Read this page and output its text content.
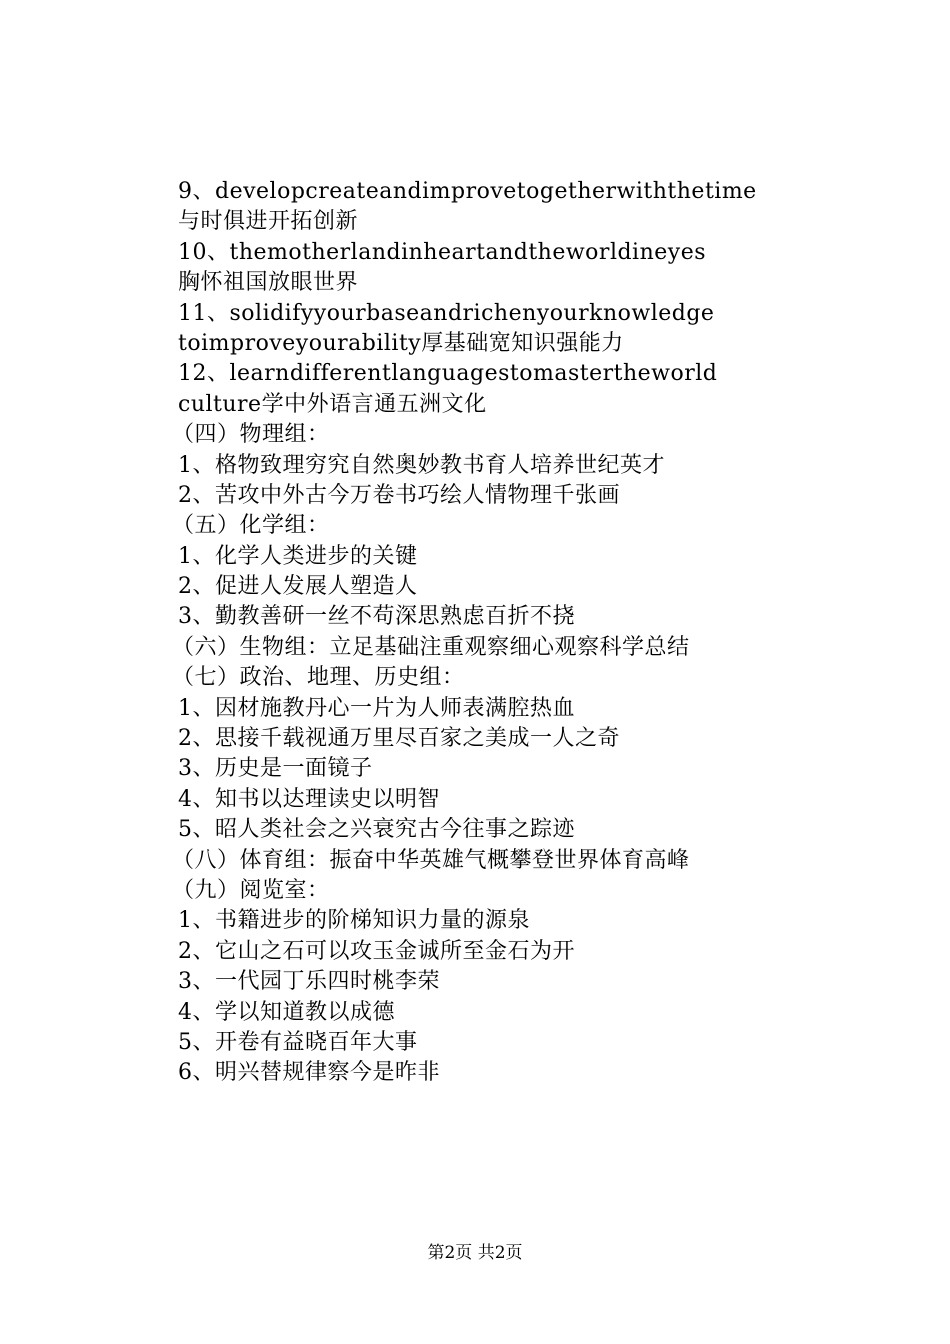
9、developcreateandimprovetogetherwiththetime
与时俱进开拓创新
10、themotherlandinheartandtheworldineyes
胸怀祖国放眼世界
11、solidifyyourbaseandrichenyourknowledge
toimproveyourability厚基础宽知识强能力
12、learndifferentlanguagestomastertheworld
culture学中外语言通五洲文化
（四）物理组：
1、格物致理穷究自然奥妙教书育人培养世纪英才
2、苦攻中外古今万卷书巧绘人情物理千张画
（五）化学组：
1、化学人类进步的关键
2、促进人发展人塑造人
3、勤教善研一丝不苟深思熟虑百折不挠
（六）生物组：立足基础注重观察细心观察科学总结
（七）政治、地理、历史组：
1、因材施教丹心一片为人师表满腔热血
2、思接千载视通万里尽百家之美成一人之奇
3、历史是一面镜子
4、知书以达理读史以明智
5、昭人类社会之兴衰究古今往事之踪迹
（八）体育组：振奋中华英雄气概攀登世界体育高峰
（九）阅览室：
1、书籍进步的阶梯知识力量的源泉
2、它山之石可以攻玉金诚所至金石为开
3、一代园丁乐四时桃李荣
4、学以知道教以成德
5、开卷有益晓百年大事
6、明兴替规律察今是昨非
第2页 共2页
